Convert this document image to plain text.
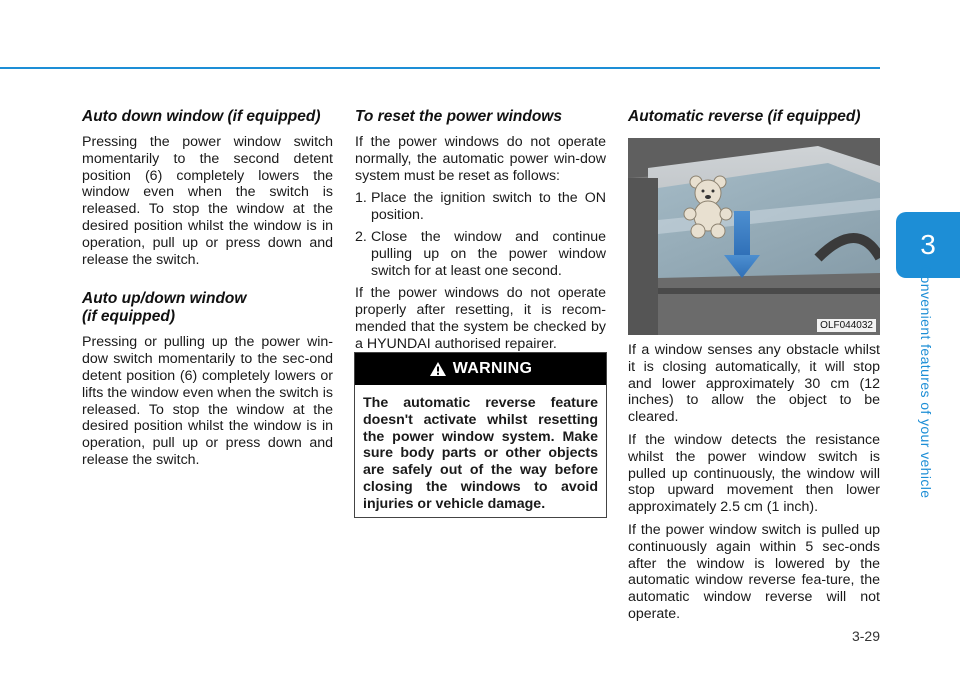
Auto down window (if equipped)

Pressing the power window switch momentarily to the second detent position (6) completely lowers the window even when the switch is released. To stop the window at the desired position whilst the window is in operation, pull up or press down and release the switch.

Auto up/down window
(if equipped)

Pressing or pulling up the power win-dow switch momentarily to the sec-ond detent position (6) completely lowers or lifts the window even when the switch is released. To stop the window at the desired position whilst the window is in operation, pull up or press down and release the switch.

To reset the power windows

If the power windows do not operate normally, the automatic power win-dow system must be reset as follows:

1. Place the ignition switch to the ON position.
2. Close the window and continue pulling up on the power window switch for at least one second.

If the power windows do not operate properly after resetting, it is recom-mended that the system be checked by a HYUNDAI authorised repairer.

WARNING
The automatic reverse feature doesn't activate whilst resetting the power window system. Make sure body parts or other objects are safely out of the way before closing the windows to avoid injuries or vehicle damage.
Automatic reverse (if equipped)
OLF044032

If a window senses any obstacle whilst it is closing automatically, it will stop and lower approximately 30 cm (12 inches) to allow the object to be cleared.

If the window detects the resistance whilst the power window switch is pulled up continuously, the window will stop upward movement then lower approximately 2.5 cm (1 inch).

If the power window switch is pulled up continuously again within 5 sec-onds after the window is lowered by the automatic window reverse fea-ture, the automatic window reverse will not operate.

3
Convenient features of your vehicle
3-29
